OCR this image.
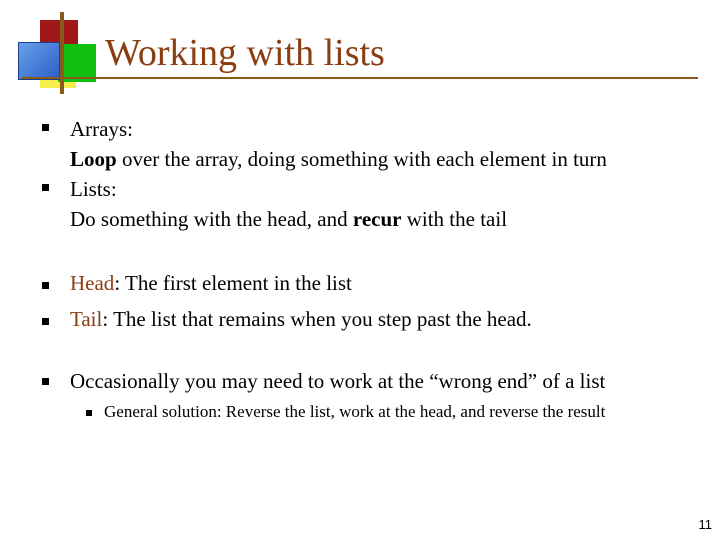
Working with lists
Arrays:
Loop over the array, doing something with each element in turn
Lists:
Do something with the head, and recur with the tail
Head: The first element in the list
Tail: The list that remains when you step past the head.
Occasionally you may need to work at the “wrong end” of a list
General solution: Reverse the list, work at the head, and reverse the result
11
